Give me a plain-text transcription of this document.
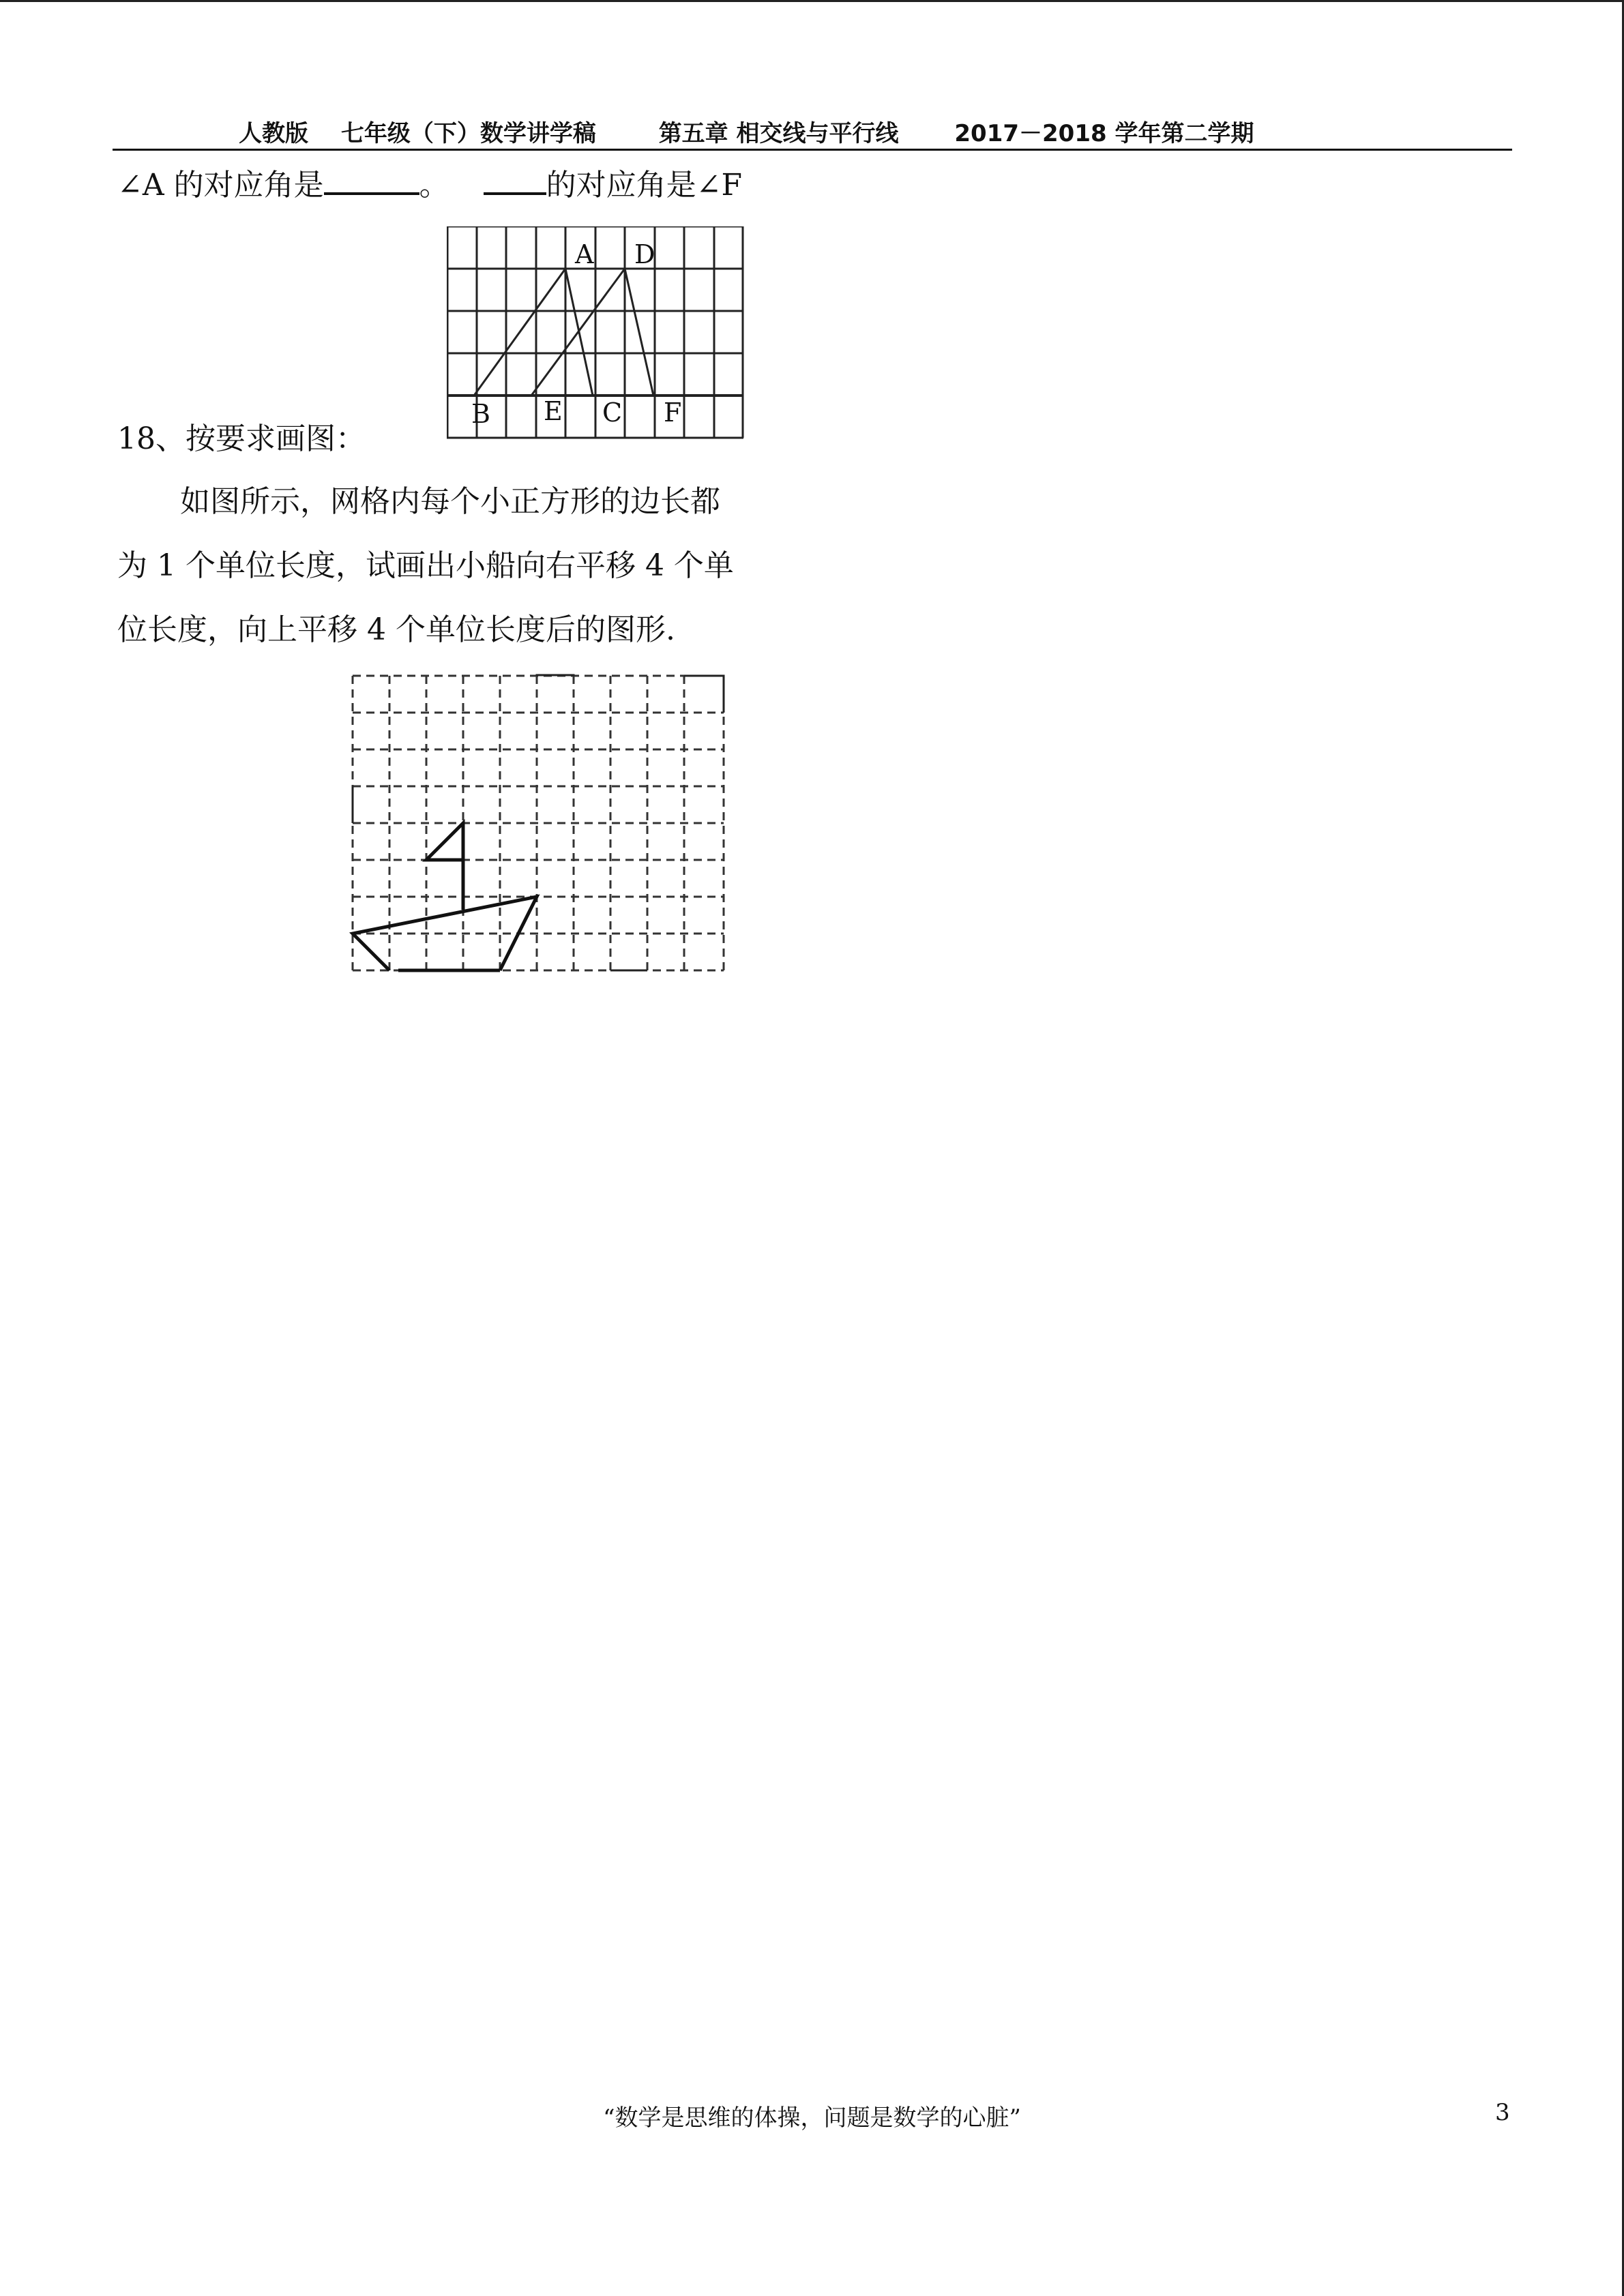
人教版 七年级（下）数学讲学稿	第五章 相交线与平行线 2017－2018 学年第二学期
∠A 的对应角是	。	的对应角是∠F
A D
B E C F
18、按要求画图：
如图所示，网格内每个小正方形的边长都
为 1 个单位长度，试画出小船向右平移 4 个单
位长度，向上平移 4 个单位长度后的图形.
“数学是思维的体操，问题是数学的心脏”	3
